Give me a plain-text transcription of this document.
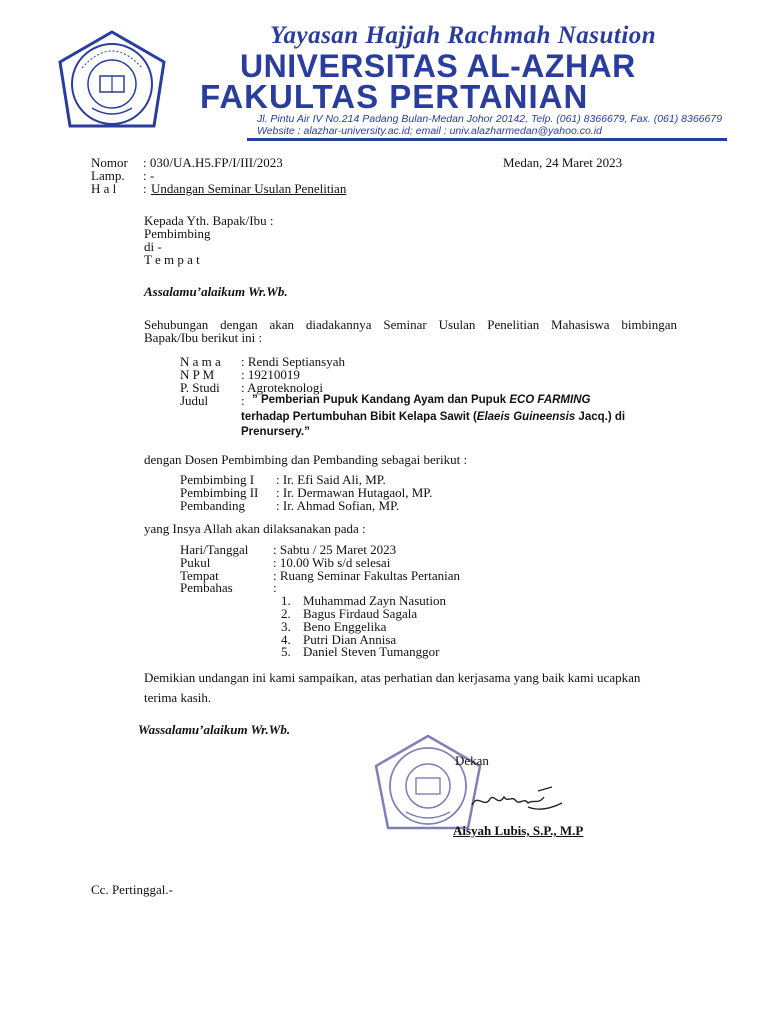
Yayasan Hajjah Rachmah Nasution
UNIVERSITAS AL-AZHAR
FAKULTAS PERTANIAN
Jl. Pintu Air IV No.214 Padang Bulan-Medan Johor 20142, Telp. (061) 8366679, Fax. (061) 8366679
Website : alazhar-university.ac.id; email : univ.alazharmedan@yahoo.co.id
Nomor : 030/UA.H5.FP/I/III/2023	Medan, 24 Maret 2023
Lamp. : -
H a l : Undangan Seminar Usulan Penelitian
Kepada Yth. Bapak/Ibu :
Pembimbing
di -
T e m p a t
Assalamu’alaikum Wr.Wb.
Sehubungan dengan akan diadakannya Seminar Usulan Penelitian Mahasiswa bimbingan
Bapak/Ibu berikut ini :
N a m a : Rendi Septiansyah
N P M : 19210019
P. Studi : Agroteknologi
Judul	: ” Pemberian Pupuk Kandang Ayam dan Pupuk ECO FARMING
terhadap Pertumbuhan Bibit Kelapa Sawit (Elaeis Guineensis Jacq.) di
Prenursery.”
dengan Dosen Pembimbing dan Pembanding sebagai berikut :
Pembimbing I : Ir. Efi Said Ali, MP.
Pembimbing II : Ir. Dermawan Hutagaol, MP.
Pembanding : Ir. Ahmad Sofian, MP.
yang Insya Allah akan dilaksanakan pada :
Hari/Tanggal : Sabtu / 25 Maret 2023
Pukul	: 10.00 Wib s/d selesai
Tempat	: Ruang Seminar Fakultas Pertanian
Pembahas	:
1. Muhammad Zayn Nasution
2. Bagus Firdaud Sagala
3. Beno Enggelika
4. Putri Dian Annisa
5. Daniel Steven Tumanggor
Demikian undangan ini kami sampaikan, atas perhatian dan kerjasama yang baik kami ucapkan
terima kasih.
Wassalamu’alaikum Wr.Wb.
Dekan
Aisyah Lubis, S.P., M.P
Cc. Pertinggal.-
